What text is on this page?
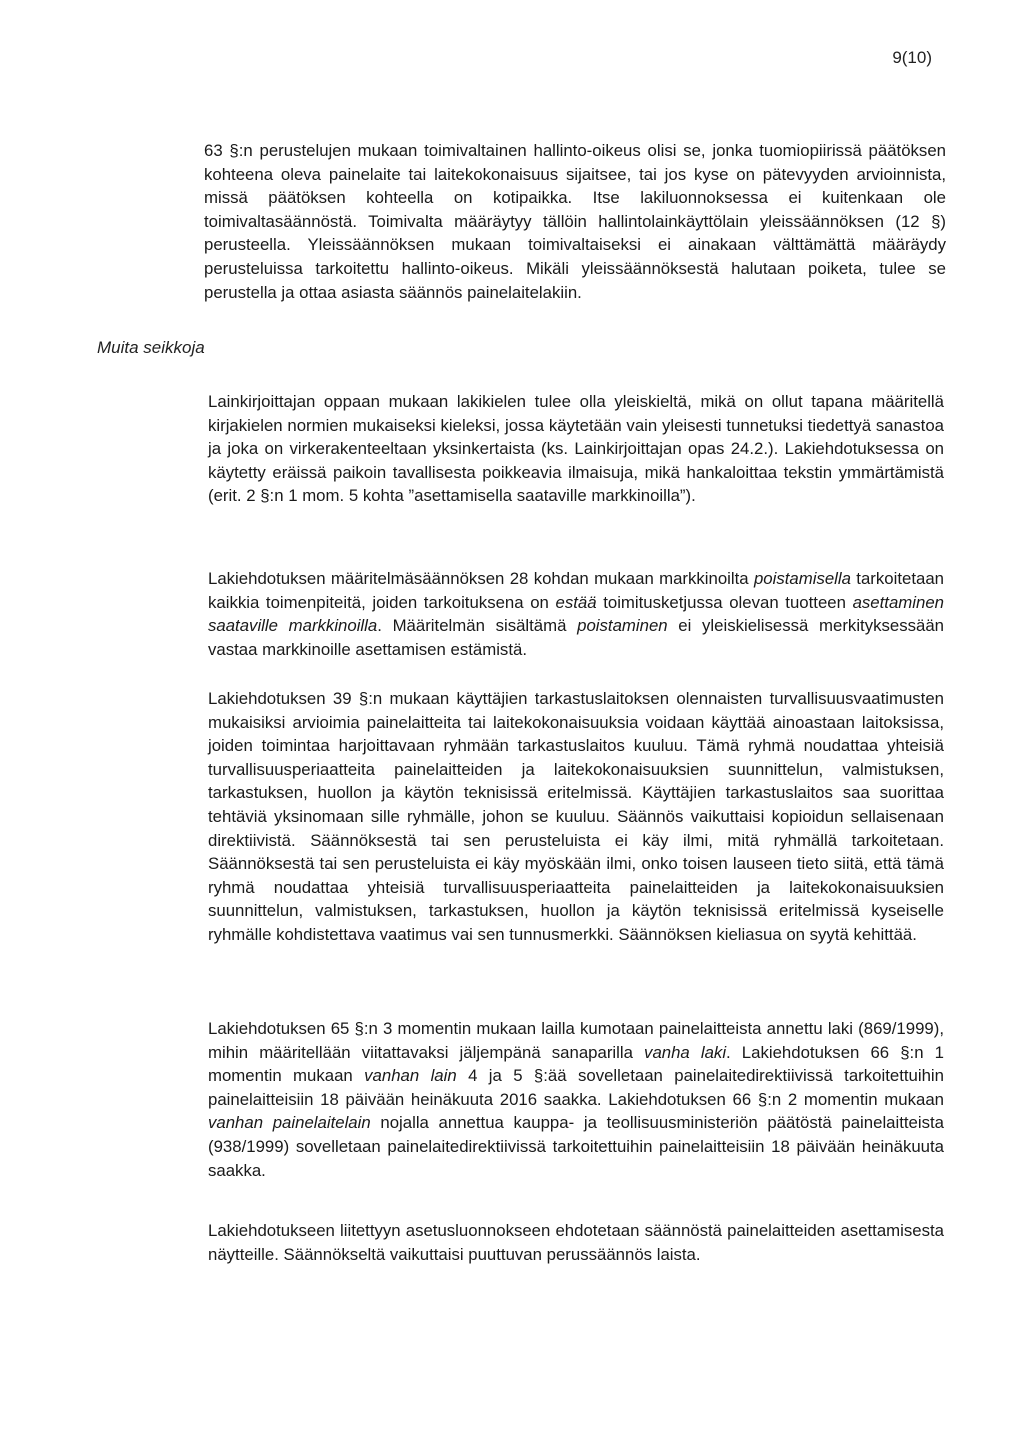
9(10)
Muita seikkoja

63 §:n perustelujen mukaan toimivaltainen hallinto-oikeus olisi se, jonka tuomiopiirissä päätöksen kohteena oleva painelaite tai laitekokonaisuus sijaitsee, tai jos kyse on pätevyyden arvioinnista, missä päätöksen kohteella on kotipaikka. Itse lakiluonnoksessa ei kuitenkaan ole toimivaltasäännöstä. Toimivalta määräytyy tällöin hallintolainkäyttölain yleissäännöksen (12 §) perusteella. Yleissäännöksen mukaan toimivaltaiseksi ei ainakaan välttämättä määräydy perusteluissa tarkoitettu hallinto-oikeus. Mikäli yleissäännöksestä halutaan poiketa, tulee se perustella ja ottaa asiasta säännös painelaitelakiin.

Lainkirjoittajan oppaan mukaan lakikielen tulee olla yleiskieltä, mikä on ollut tapana määritellä kirjakielen normien mukaiseksi kieleksi, jossa käytetään vain yleisesti tunnetuksi tiedettyä sanastoa ja joka on virkerakenteeltaan yksinkertaista (ks. Lainkirjoittajan opas 24.2.). Lakiehdotuksessa on käytetty eräissä paikoin tavallisesta poikkeavia ilmaisuja, mikä hankaloittaa tekstin ymmärtämistä (erit. 2 §:n 1 mom. 5 kohta ”asettamisella saataville markkinoilla”).

Lakiehdotuksen määritelmäsäännöksen 28 kohdan mukaan markkinoilta poistamisella tarkoitetaan kaikkia toimenpiteitä, joiden tarkoituksena on estää toimitusketjussa olevan tuotteen asettaminen saataville markkinoilla. Määritelmän sisältämä poistaminen ei yleiskielisessä merkityksessään vastaa markkinoille asettamisen estämistä.

Lakiehdotuksen 39 §:n mukaan käyttäjien tarkastuslaitoksen olennaisten turvallisuusvaatimusten mukaisiksi arvioimia painelaitteita tai laitekokonaisuuksia voidaan käyttää ainoastaan laitoksissa, joiden toimintaa harjoittavaan ryhmään tarkastuslaitos kuuluu. Tämä ryhmä noudattaa yhteisiä turvallisuusperiaatteita painelaitteiden ja laitekokonaisuuksien suunnittelun, valmistuksen, tarkastuksen, huollon ja käytön teknisissä eritelmissä. Käyttäjien tarkastuslaitos saa suorittaa tehtäviä yksinomaan sille ryhmälle, johon se kuuluu. Säännös vaikuttaisi kopioidun sellaisenaan direktiivistä. Säännöksestä tai sen perusteluista ei käy ilmi, mitä ryhmällä tarkoitetaan. Säännöksestä tai sen perusteluista ei käy myöskään ilmi, onko toisen lauseen tieto siitä, että tämä ryhmä noudattaa yhteisiä turvallisuusperiaatteita painelaitteiden ja laitekokonaisuuksien suunnittelun, valmistuksen, tarkastuksen, huollon ja käytön teknisissä eritelmissä kyseiselle ryhmälle kohdistettava vaatimus vai sen tunnusmerkki. Säännöksen kieliasua on syytä kehittää.

Lakiehdotuksen 65 §:n 3 momentin mukaan lailla kumotaan painelaitteista annettu laki (869/1999), mihin määritellään viitattavaksi jäljempänä sanaparilla vanha laki. Lakiehdotuksen 66 §:n 1 momentin mukaan vanhan lain 4 ja 5 §:ää sovelletaan painelaitedirektiivissä tarkoitettuihin painelaitteisiin 18 päivään heinäkuuta 2016 saakka. Lakiehdotuksen 66 §:n 2 momentin mukaan vanhan painelaitelain nojalla annettua kauppa- ja teollisuusministeriön päätöstä painelaitteista (938/1999) sovelletaan painelaitedirektiivissä tarkoitettuihin painelaitteisiin 18 päivään heinäkuuta saakka.

Lakiehdotukseen liitettyyn asetusluonnokseen ehdotetaan säännöstä painelaitteiden asettamisesta näytteille. Säännökseltä vaikuttaisi puuttuvan perussäännös laista.
